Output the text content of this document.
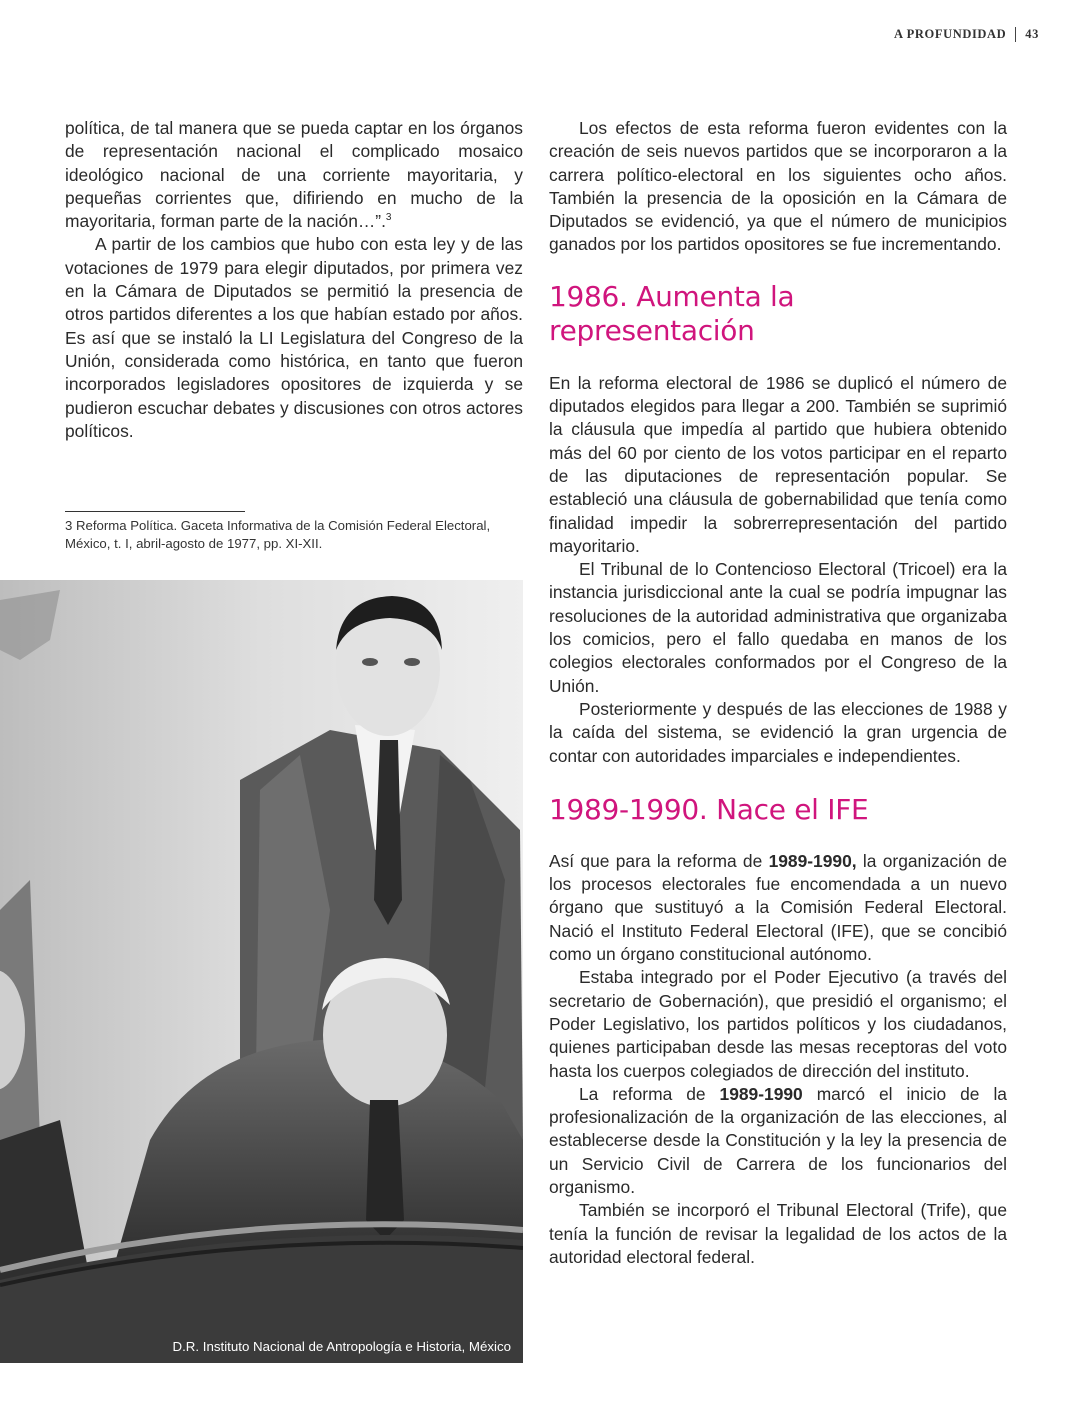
A PROFUNDIDAD 43

política, de tal manera que se pueda captar en los órganos de representación nacional el complicado mosaico ideológico nacional de una corriente mayoritaria, y pequeñas corrientes que, difiriendo en mucho de la mayoritaria, forman parte de la nación…”.$^3$

A partir de los cambios que hubo con esta ley y de las votaciones de 1979 para elegir diputados, por primera vez en la Cámara de Diputados se permitió la presencia de otros partidos diferentes a los que habían estado por años. Es así que se instaló la LI Legislatura del Congreso de la Unión, considerada como histórica, en tanto que fueron incorporados legisladores opositores de izquierda y se pudieron escuchar debates y discusiones con otros actores políticos.

3 Reforma Política. Gaceta Informativa de la Comisión Federal Electoral, México, t. I, abril-agosto de 1977, pp. XI-XII.
D.R. Instituto Nacional de Antropología e Historia, México

Los efectos de esta reforma fueron evidentes con la creación de seis nuevos partidos que se incorporaron a la carrera político-electoral en los siguientes ocho años. También la presencia de la oposición en la Cámara de Diputados se evidenció, ya que el número de municipios ganados por los partidos opositores se fue incrementando.

1986. Aumenta la representación

En la reforma electoral de 1986 se duplicó el número de diputados elegidos para llegar a 200. También se suprimió la cláusula que impedía al partido que hubiera obtenido más del 60 por ciento de los votos participar en el reparto de las diputaciones de representación popular. Se estableció una cláusula de gobernabilidad que tenía como finalidad impedir la sobrerrepresentación del partido mayoritario.

El Tribunal de lo Contencioso Electoral (Tricoel) era la instancia jurisdiccional ante la cual se podría impugnar las resoluciones de la autoridad administrativa que organizaba los comicios, pero el fallo quedaba en manos de los colegios electorales conformados por el Congreso de la Unión.

Posteriormente y después de las elecciones de 1988 y la caída del sistema, se evidenció la gran urgencia de contar con autoridades imparciales e independientes.

1989-1990. Nace el IFE

Así que para la reforma de 1989-1990, la organización de los procesos electorales fue encomendada a un nuevo órgano que sustituyó a la Comisión Federal Electoral. Nació el Instituto Federal Electoral (IFE), que se concibió como un órgano constitucional autónomo.

Estaba integrado por el Poder Ejecutivo (a través del secretario de Gobernación), que presidió el organismo; el Poder Legislativo, los partidos políticos y los ciudadanos, quienes participaban desde las mesas receptoras del voto hasta los cuerpos colegiados de dirección del instituto.

La reforma de 1989-1990 marcó el inicio de la profesionalización de la organización de las elecciones, al establecerse desde la Constitución y la ley la presencia de un Servicio Civil de Carrera de los funcionarios del organismo.

También se incorporó el Tribunal Electoral (Trife), que tenía la función de revisar la legalidad de los actos de la autoridad electoral federal.
